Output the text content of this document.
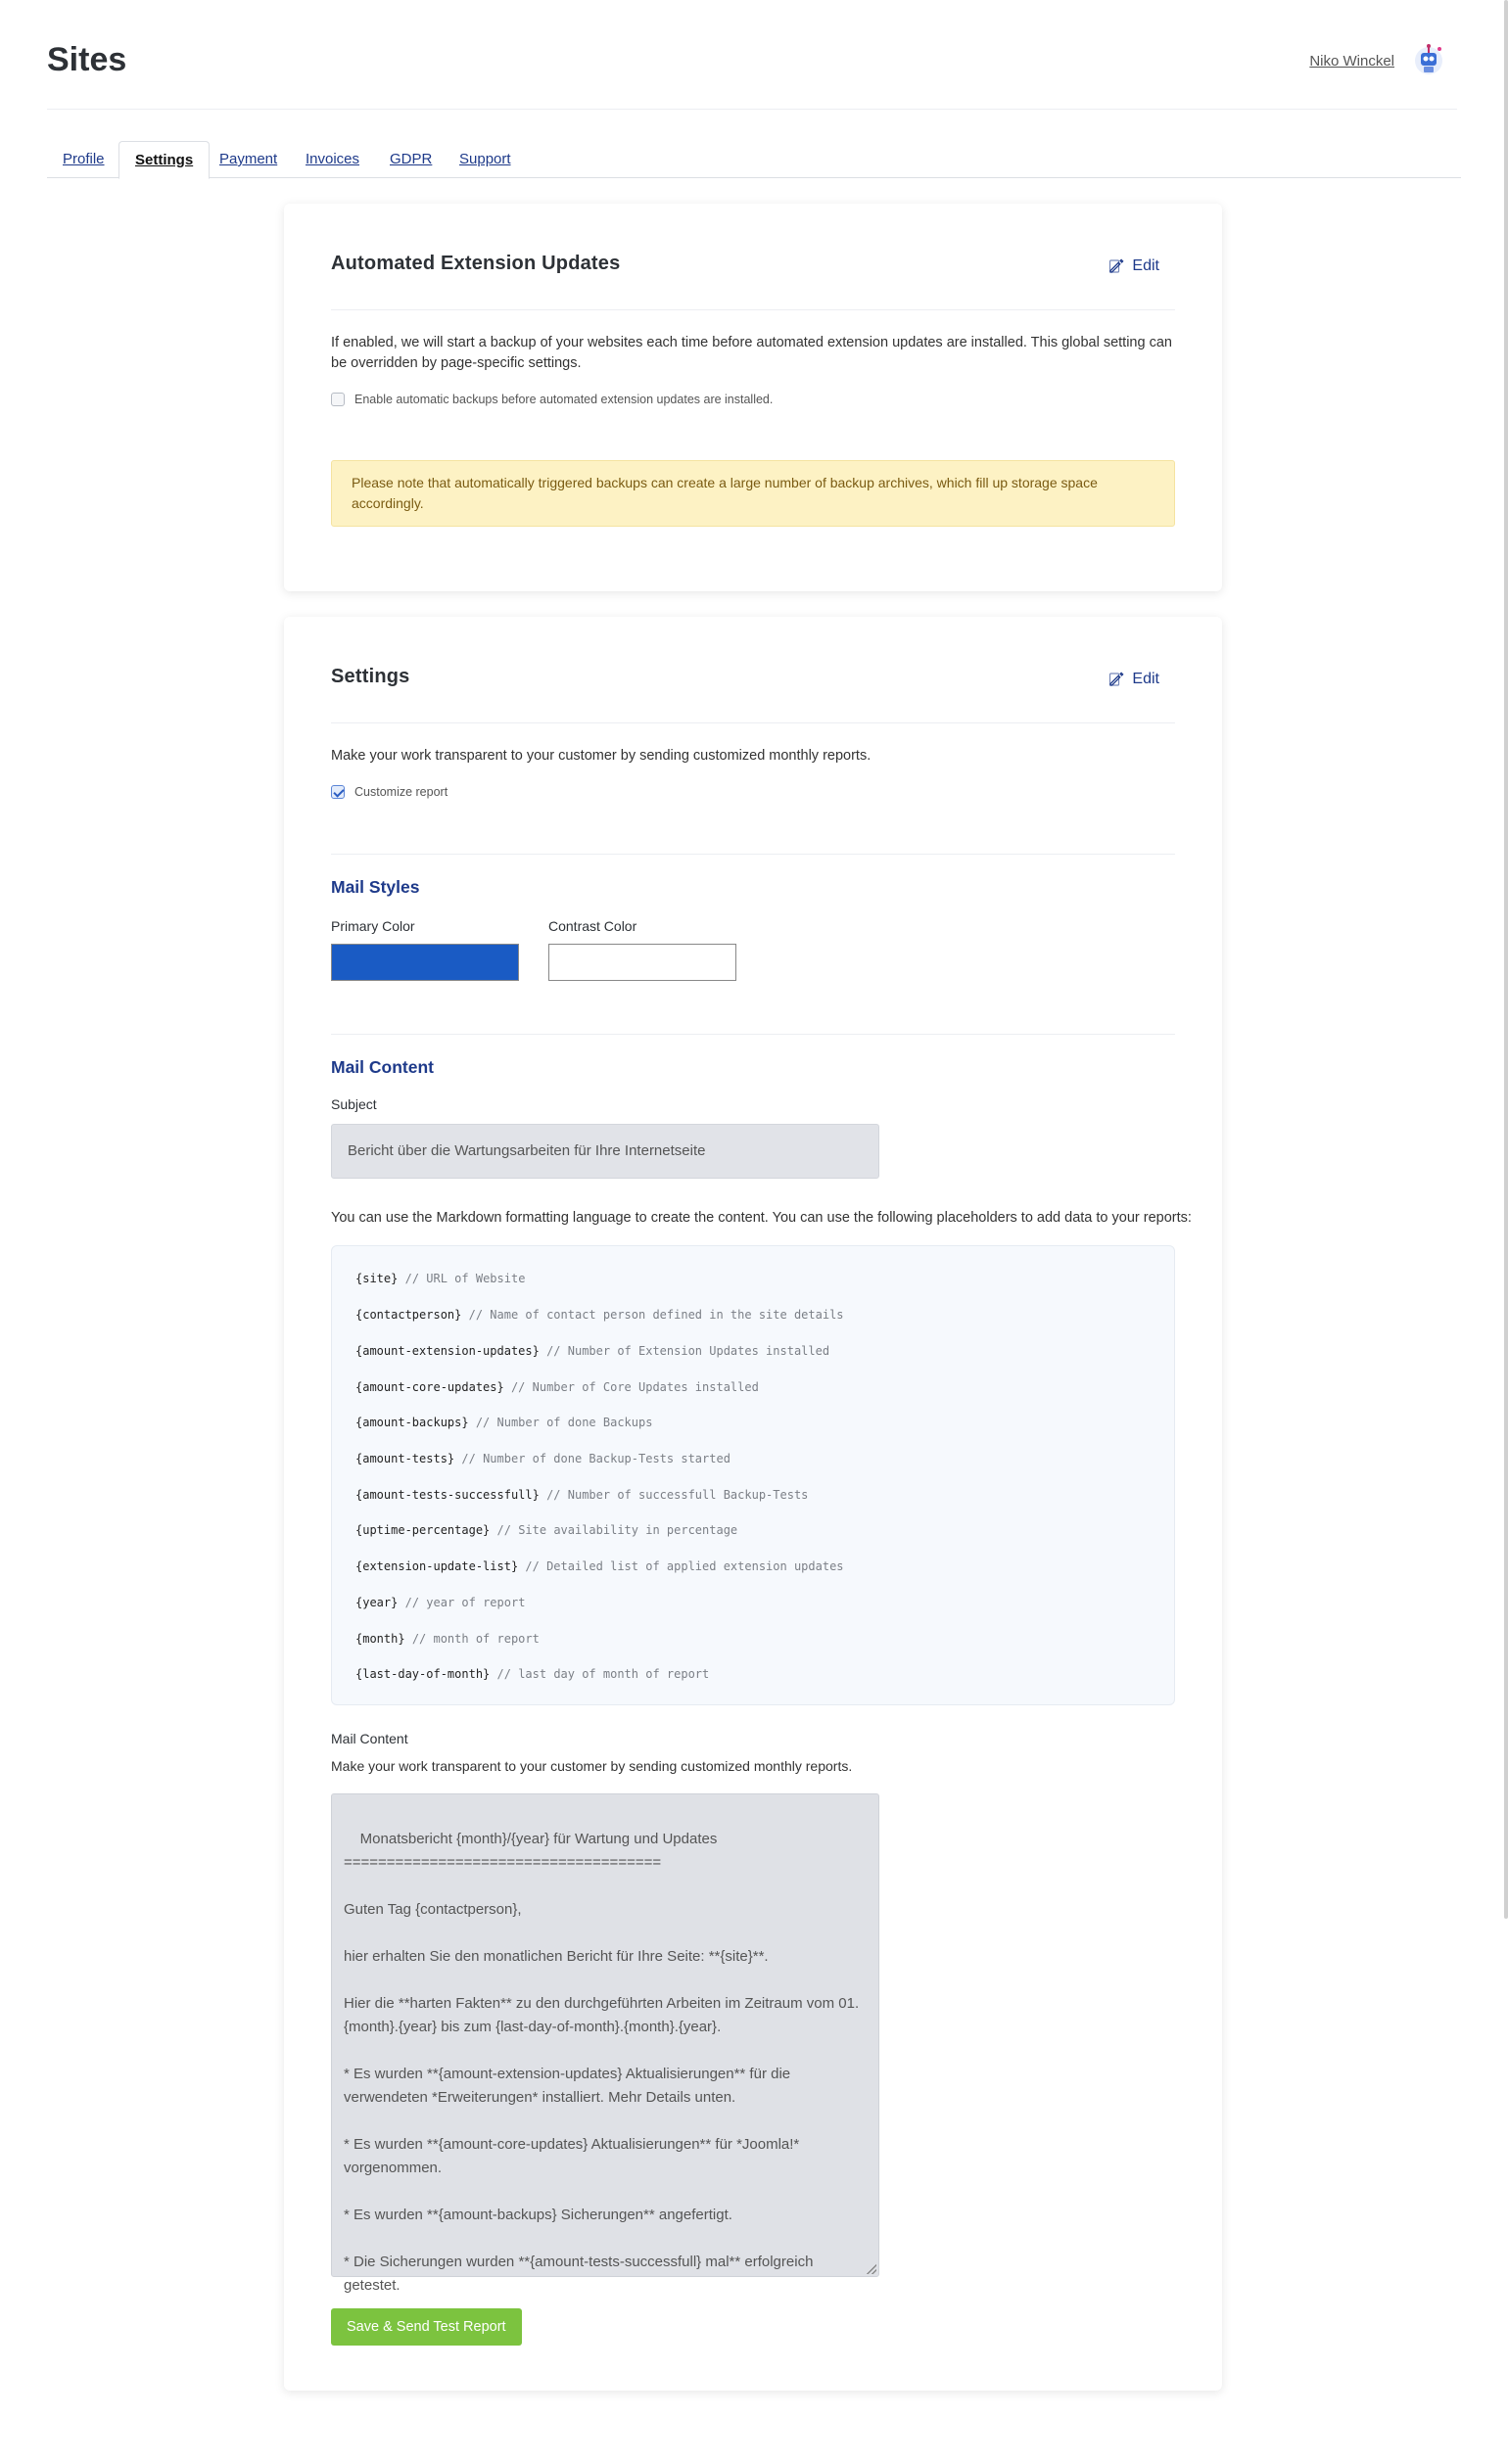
Sites	Niko Winckel
Profile	Settings	Payment	Invoices	GDPR	Support
Automated Extension Updates	Edit
If enabled, we will start a backup of your websites each time before automated extension updates are installed. This global setting can be overridden by page-specific settings.
Enable automatic backups before automated extension updates are installed.
Please note that automatically triggered backups can create a large number of backup archives, which fill up storage space accordingly.
Settings	Edit
Make your work transparent to your customer by sending customized monthly reports.
Customize report
Mail Styles
Primary Color	Contrast Color
Mail Content
Subject
Bericht über die Wartungsarbeiten für Ihre Internetseite
You can use the Markdown formatting language to create the content. You can use the following placeholders to add data to your reports:
{site} // URL of Website
{contactperson} // Name of contact person defined in the site details
{amount-extension-updates} // Number of Extension Updates installed
{amount-core-updates} // Number of Core Updates installed
{amount-backups} // Number of done Backups
{amount-tests} // Number of done Backup-Tests started
{amount-tests-successfull} // Number of successfull Backup-Tests
{uptime-percentage} // Site availability in percentage
{extension-update-list} // Detailed list of applied extension updates
{year} // year of report
{month} // month of report
{last-day-of-month} // last day of month of report
Mail Content
Make your work transparent to your customer by sending customized monthly reports.

Monatsbericht {month}/{year} für Wartung und Updates
=====================================

Guten Tag {contactperson},

hier erhalten Sie den monatlichen Bericht für Ihre Seite: **{site}**.

Hier die **harten Fakten** zu den durchgeführten Arbeiten im Zeitraum vom 01.{month}.{year} bis zum {last-day-of-month}.{month}.{year}.

* Es wurden **{amount-extension-updates} Aktualisierungen** für die verwendeten *Erweiterungen* installiert. Mehr Details unten.

* Es wurden **{amount-core-updates} Aktualisierungen** für *Joomla!* vorgenommen.

* Es wurden **{amount-backups} Sicherungen** angefertigt.

* Die Sicherungen wurden **{amount-tests-successfull} mal** erfolgreich getestet.

Save & Send Test Report
